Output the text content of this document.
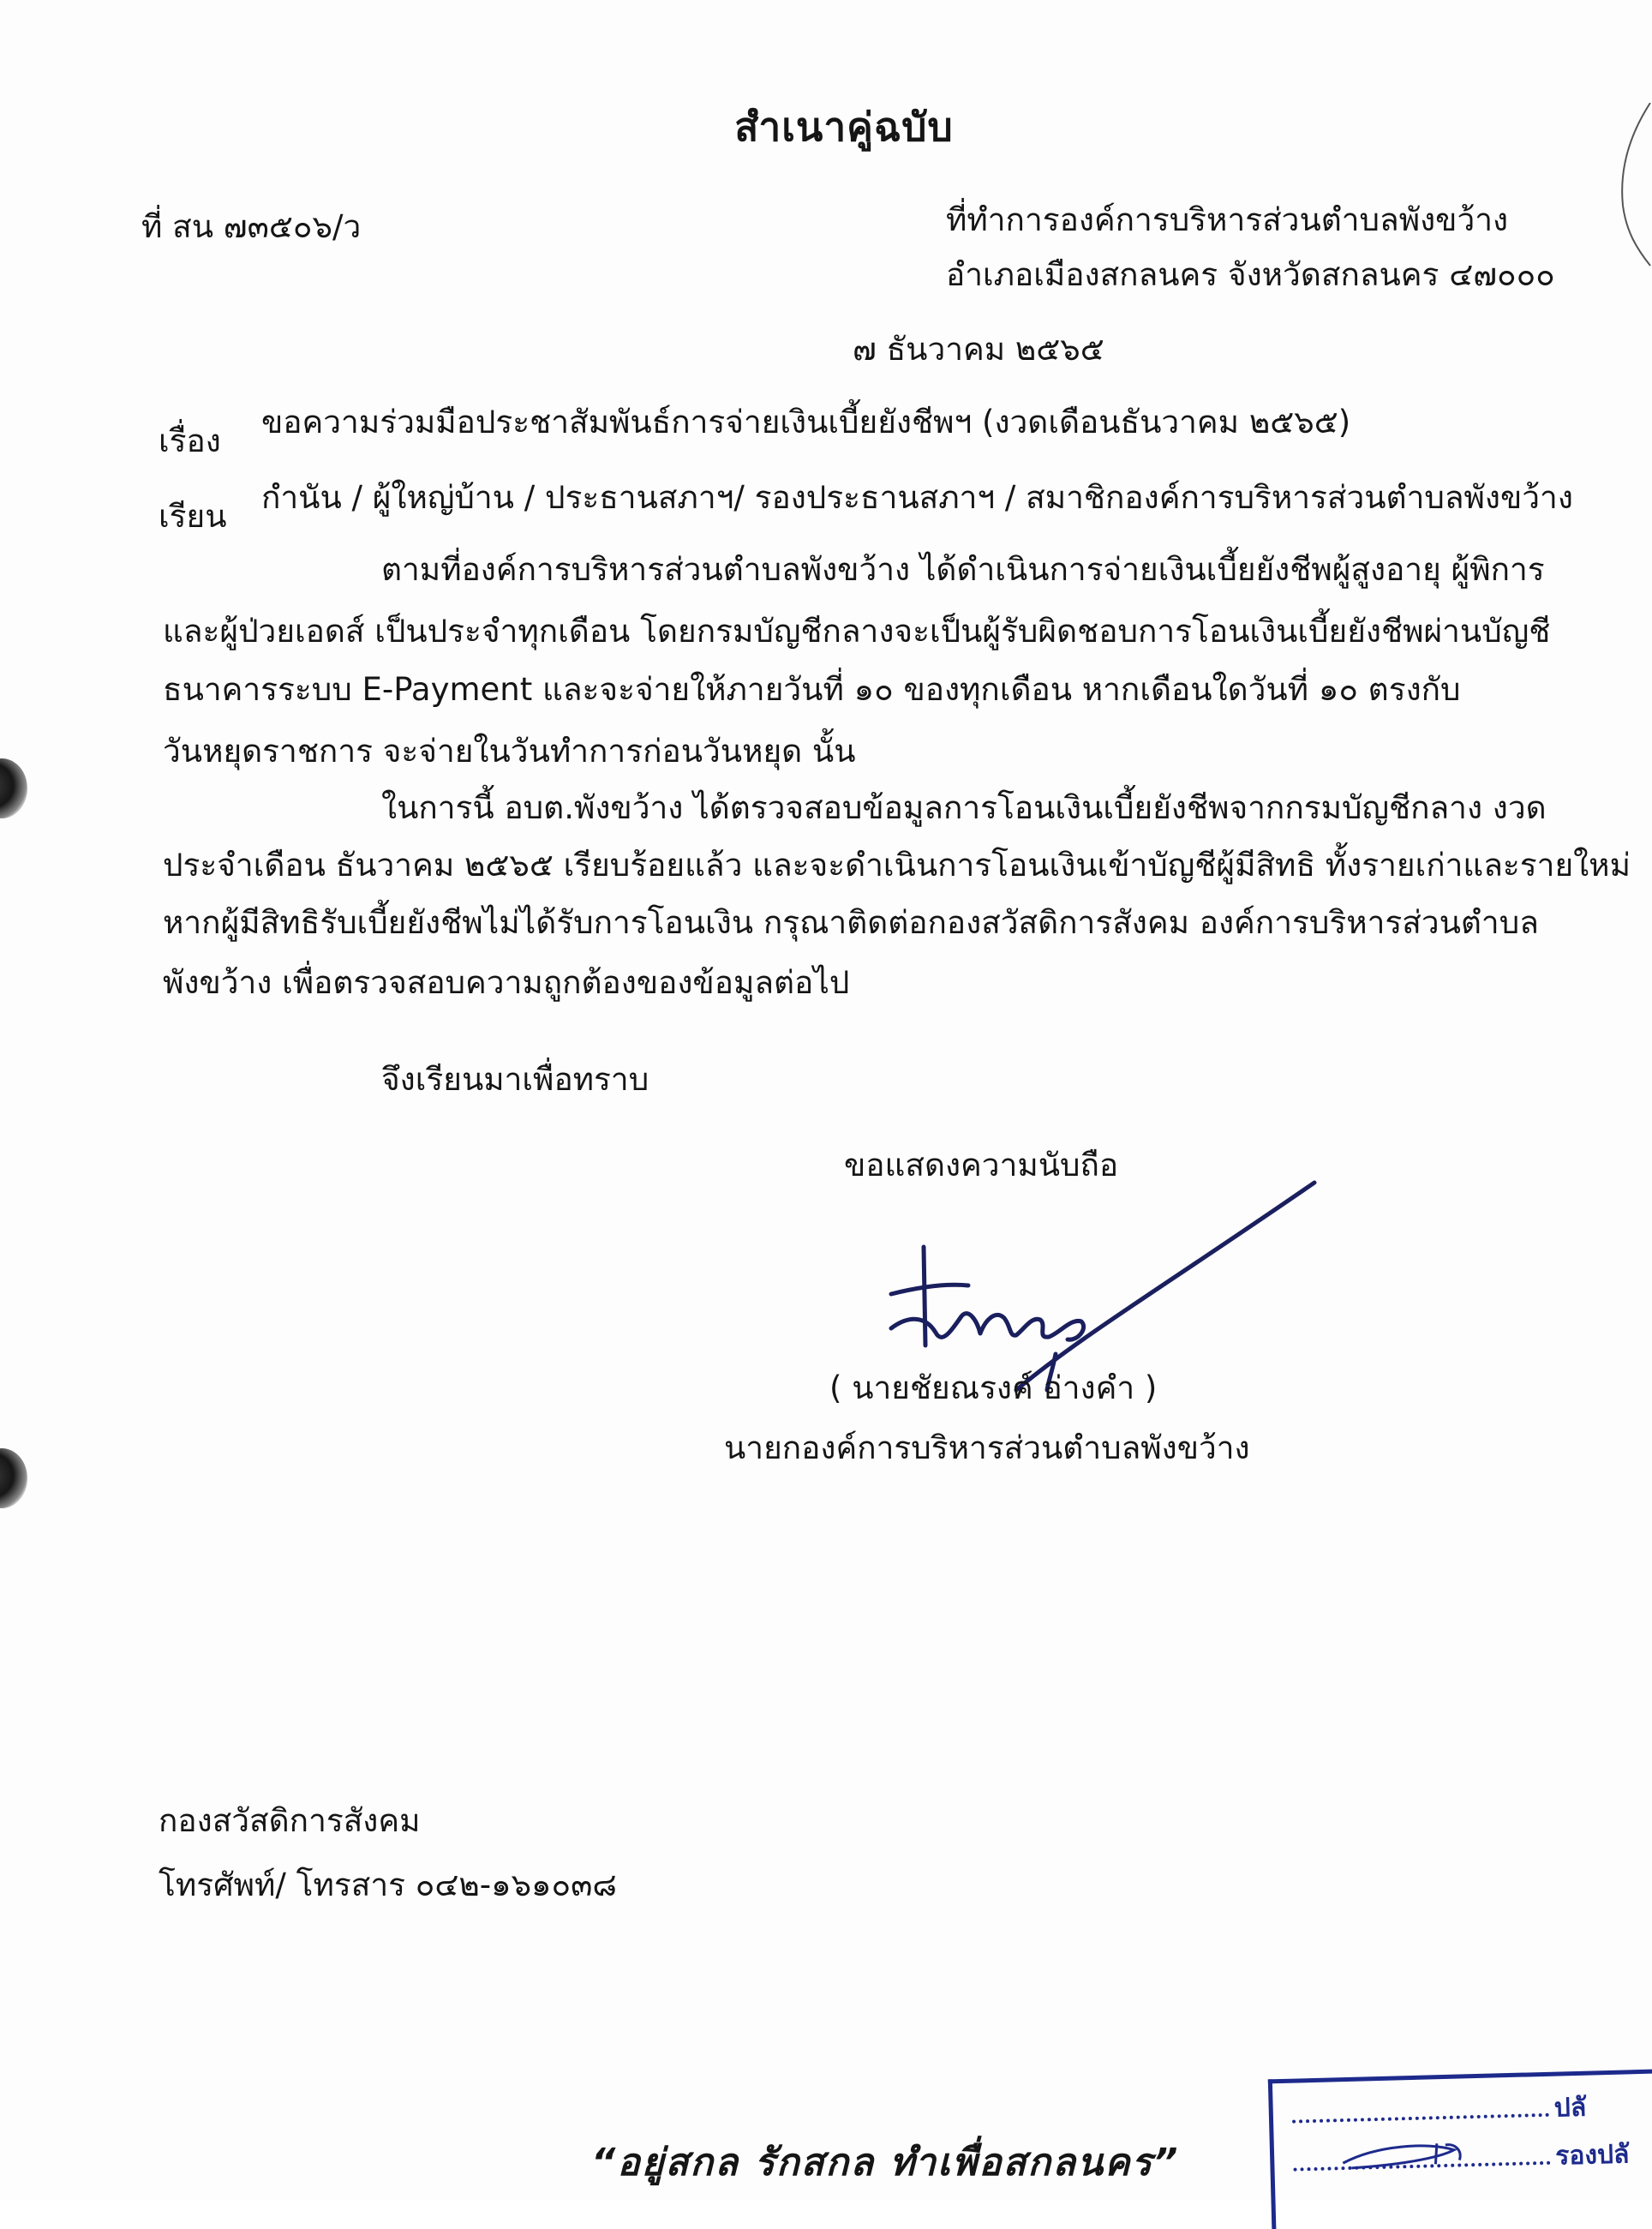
สำเนาคู่ฉบับ
ที่ สน ๗๓๕๐๖/ว	ที่ทำการองค์การบริหารส่วนตำบลพังขว้าง
อำเภอเมืองสกลนคร จังหวัดสกลนคร ๔๗๐๐๐
๗ ธันวาคม ๒๕๖๕
เรื่อง
ขอความร่วมมือประชาสัมพันธ์การจ่ายเงินเบี้ยยังชีพฯ (งวดเดือนธันวาคม ๒๕๖๕)
เรียน
กำนัน / ผู้ใหญ่บ้าน / ประธานสภาฯ/ รองประธานสภาฯ / สมาชิกองค์การบริหารส่วนตำบลพังขว้าง
ตามที่องค์การบริหารส่วนตำบลพังขว้าง ได้ดำเนินการจ่ายเงินเบี้ยยังชีพผู้สูงอายุ ผู้พิการ
และผู้ป่วยเอดส์ เป็นประจำทุกเดือน โดยกรมบัญชีกลางจะเป็นผู้รับผิดชอบการโอนเงินเบี้ยยังชีพผ่านบัญชี
ธนาคารระบบ E-Payment และจะจ่ายให้ภายวันที่ ๑๐ ของทุกเดือน หากเดือนใดวันที่ ๑๐ ตรงกับ
วันหยุดราชการ จะจ่ายในวันทำการก่อนวันหยุด นั้น
ในการนี้ อบต.พังขว้าง ได้ตรวจสอบข้อมูลการโอนเงินเบี้ยยังชีพจากกรมบัญชีกลาง งวด
ประจำเดือน ธันวาคม ๒๕๖๕ เรียบร้อยแล้ว และจะดำเนินการโอนเงินเข้าบัญชีผู้มีสิทธิ ทั้งรายเก่าและรายใหม่
หากผู้มีสิทธิรับเบี้ยยังชีพไม่ได้รับการโอนเงิน กรุณาติดต่อกองสวัสดิการสังคม องค์การบริหารส่วนตำบล
พังขว้าง เพื่อตรวจสอบความถูกต้องของข้อมูลต่อไป
จึงเรียนมาเพื่อทราบ
ขอแสดงความนับถือ
( นายชัยณรงค์ อ่างคำ )
นายกองค์การบริหารส่วนตำบลพังขว้าง
กองสวัสดิการสังคม
โทรศัพท์/ โทรสาร ๐๔๒-๑๖๑๐๓๘
“อยู่สกล รักสกล ทำเพื่อสกลนคร”
ปลั
รองปลั
